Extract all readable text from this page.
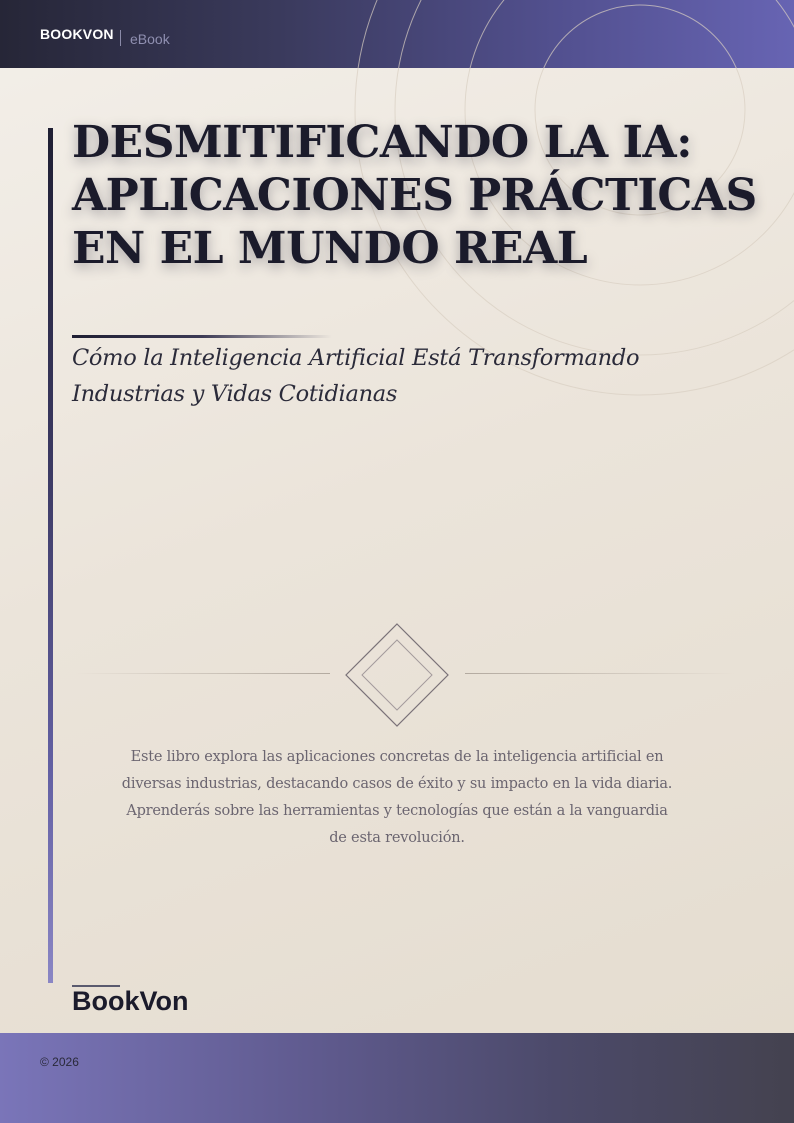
BOOKVON eBook
DESMITIFICANDO LA IA:
APLICACIONES PRÁCTICAS
EN EL MUNDO REAL

Cómo la Inteligencia Artificial Está Transformando
Industrias y Vidas Cotidianas

Este libro explora las aplicaciones concretas de la inteligencia artificial en
diversas industrias, destacando casos de éxito y su impacto en la vida diaria.
Aprenderás sobre las herramientas y tecnologías que están a la vanguardia
de esta revolución.

BookVon
© 2026
